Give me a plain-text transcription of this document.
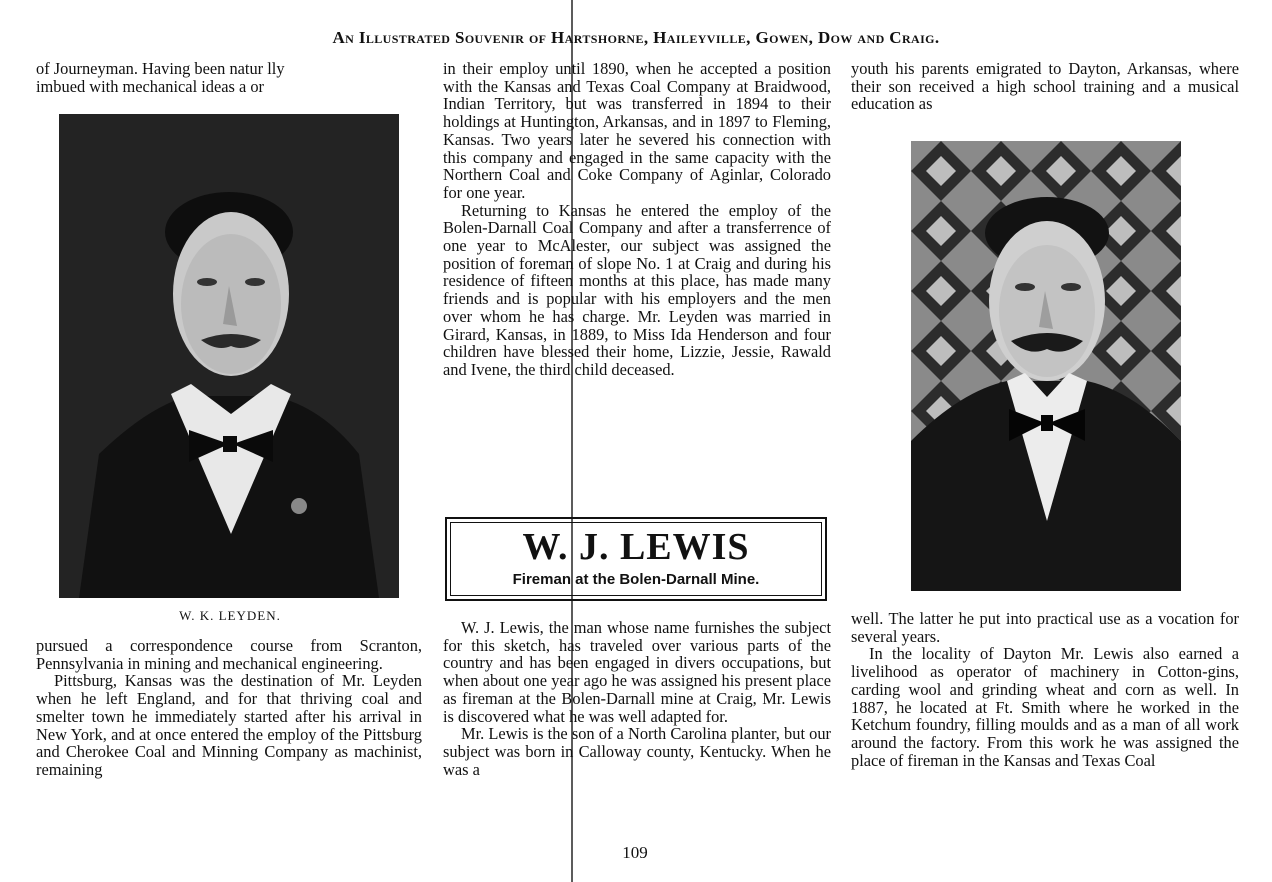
An Illustrated Souvenir of Hartshorne, Haileyville, Gowen, Dow and Craig.

of Journeyman. Having been natur lly

imbued with mechanical ideas a or

W. K. LEYDEN.

pursued a correspondence course from Scranton, Pennsylvania in mining and mechanical engineering.

Pittsburg, Kansas was the destination of Mr. Leyden when he left England, and for that thriving coal and smelter town he immediately started after his arrival in New York, and at once entered the employ of the Pittsburg and Cherokee Coal and Minning Company as machinist, remaining

in their employ until 1890, when he accepted a position with the Kansas and Texas Coal Company at Braidwood, Indian Territory, but was transferred in 1894 to their holdings at Huntington, Arkansas, and in 1897 to Fleming, Kansas. Two years later he severed his connection with this company and engaged in the same capacity with the Northern Coal and Coke Company of Aginlar, Colorado for one year.

Returning to Kansas he entered the employ of the Bolen-Darnall Coal Company and after a transferrence of one year to McAlester, our subject was assigned the position of foreman of slope No. 1 at Craig and during his residence of fifteen months at this place, has made many friends and is popular with his employers and the men over whom he has charge. Mr. Leyden was married in Girard, Kansas, in 1889, to Miss Ida Henderson and four children have blessed their home, Lizzie, Jessie, Rawald and Ivene, the third child deceased.

W. J. LEWIS
Fireman at the Bolen-Darnall Mine.

W. J. Lewis, the man whose name furnishes the subject for this sketch, has traveled over various parts of the country and has been engaged in divers occupations, but when about one year ago he was assigned his present place as fireman at the Bolen-Darnall mine at Craig, Mr. Lewis is discovered what he was well adapted for.

Mr. Lewis is the son of a North Carolina planter, but our subject was born in Calloway county, Kentucky. When he was a

youth his parents emigrated to Dayton, Arkansas, where their son received a high school training and a musical education as

well. The latter he put into practical use as a vocation for several years.

In the locality of Dayton Mr. Lewis also earned a livelihood as operator of machinery in Cotton-gins, carding wool and grinding wheat and corn as well. In 1887, he located at Ft. Smith where he worked in the Ketchum foundry, filling moulds and as a man of all work around the factory. From this work he was assigned the place of fireman in the Kansas and Texas Coal

109
